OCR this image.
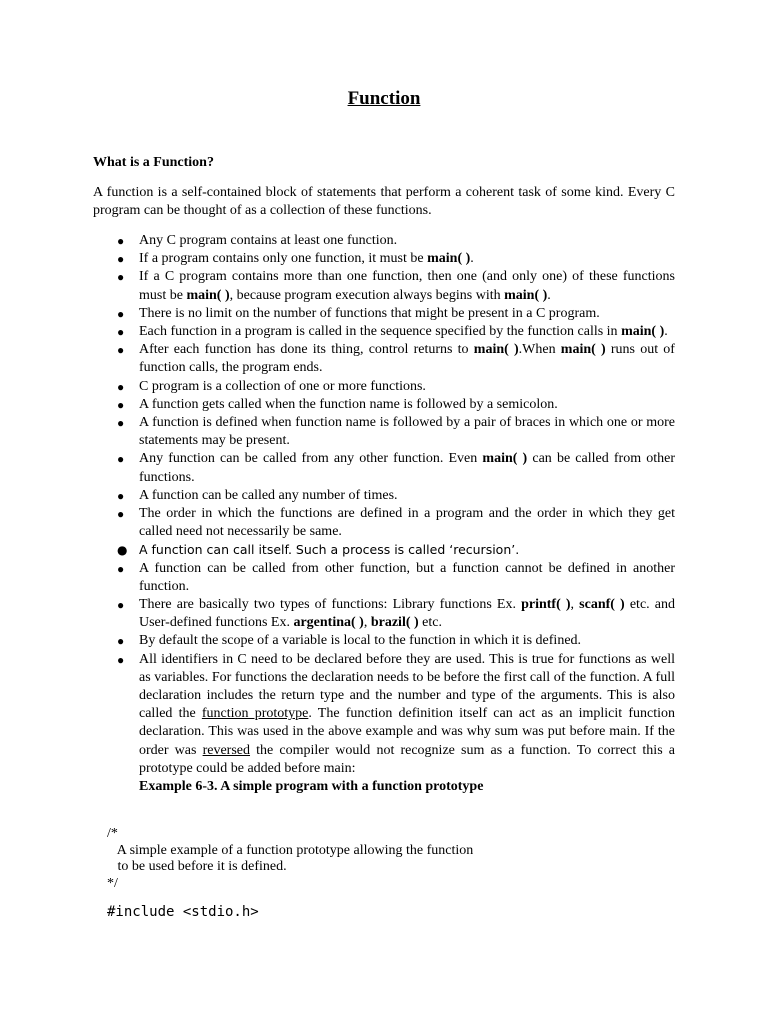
Function
What is a Function?

A function is a self-contained block of statements that perform a coherent task of some kind. Every C program can be thought of as a collection of these functions.

● Any C program contains at least one function.
● If a program contains only one function, it must be main( ).
● If a C program contains more than one function, then one (and only one) of these functions must be main( ), because program execution always begins with main( ).
● There is no limit on the number of functions that might be present in a C program.
● Each function in a program is called in the sequence specified by the function calls in main( ).
● After each function has done its thing, control returns to main( ).When main( ) runs out of function calls, the program ends.
● C program is a collection of one or more functions.
● A function gets called when the function name is followed by a semicolon.
● A function is defined when function name is followed by a pair of braces in which one or more statements may be present.
● Any function can be called from any other function. Even main( ) can be called from other functions.
● A function can be called any number of times.
● The order in which the functions are defined in a program and the order in which they get called need not necessarily be same.
● A function can call itself. Such a process is called ‘recursion’.
● A function can be called from other function, but a function cannot be defined in another function.
● There are basically two types of functions: Library functions Ex. printf( ), scanf( ) etc. and User-defined functions Ex. argentina( ), brazil( ) etc.
● By default the scope of a variable is local to the function in which it is defined.
● All identifiers in C need to be declared before they are used. This is true for functions as well as variables. For functions the declaration needs to be before the first call of the function. A full declaration includes the return type and the number and type of the arguments. This is also called the function prototype. The function definition itself can act as an implicit function declaration. This was used in the above example and was why sum was put before main. If the order was reversed the compiler would not recognize sum as a function. To correct this a prototype could be added before main:
Example 6-3. A simple program with a function prototype
/*
A simple example of a function prototype allowing the function
to be used before it is defined.
*/
#include <stdio.h>
